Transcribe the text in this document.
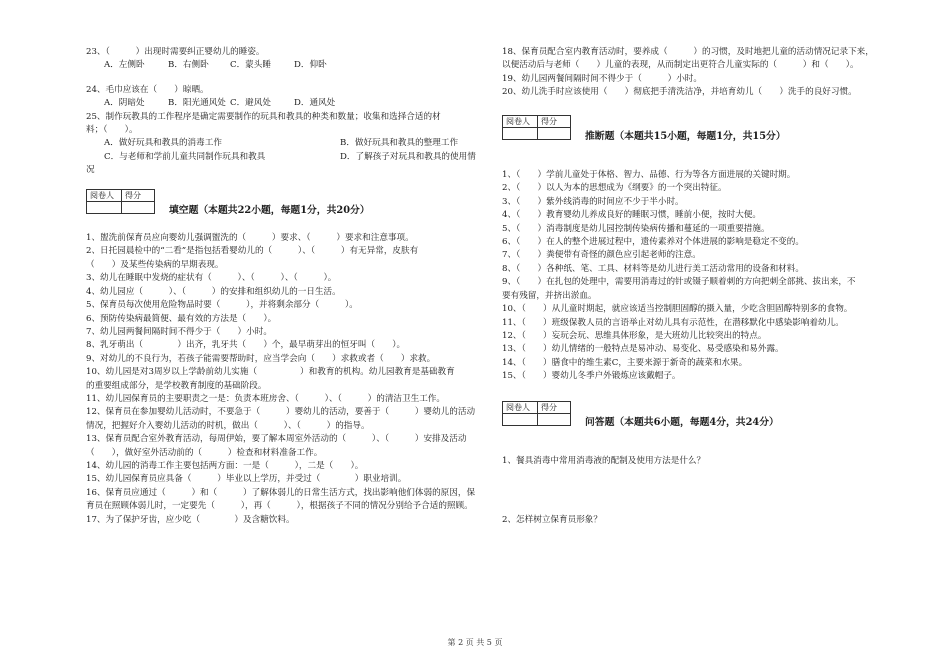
23、（　　　）出现时需要纠正婴幼儿的睡姿。
A．左侧卧	B．右侧卧	C．蒙头睡	D．仰卧
24、毛巾应该在（　　）晾晒。
A．阴暗处	B．阳光通风处 C．避风处	D．通风处
25、制作玩教具的工作程序是确定需要制作的玩具和教具的种类和数量；收集和选择合适的材
料；（　　）。
A．做好玩具和教具的消毒工作	B．做好玩具和教具的整理工作
C．与老师和学前儿童共同制作玩具和教具	D．了解孩子对玩具和教具的使用情
况
阅卷人	得分

填空题（本题共22小题，每题1分，共20分）
1、盥洗前保育员应向婴幼儿强调盥洗的（　　　）要求、（　　　）要求和注意事项。
2、日托园晨检中的“二看”是指包括看婴幼儿的（　　　）、（　　　）有无异常，皮肤有
（　　）及某些传染病的早期表现。
3、幼儿在睡眠中发烧的症状有（　　　）、（　　　）、（　　　）。
4、幼儿园应（　　　）、（　　　）的安排和组织幼儿的一日生活。
5、保育员每次使用危险物品时要（　　　），并将剩余部分（　　　）。
6、预防传染病最简便、最有效的方法是（　　）。
7、幼儿园两餐间隔时间不得少于（　　）小时。
8、乳牙萌出（　　　　）出齐，乳牙共（　　）个，最早萌芽出的恒牙叫（　　）。
9、对幼儿的不良行为，若孩子能需要帮助时，应当学会向（　　）求救或者（　　）求救。
10、幼儿园是对3周岁以上学龄前幼儿实施（　　　　　）和教育的机构。幼儿园教育是基础教育
的重要组成部分，是学校教育制度的基础阶段。
11、幼儿园保育员的主要职责之一是：负责本班房舍、（　　　）、（　　　）的清洁卫生工作。
12、保育员在参加婴幼儿活动时，不要急于（　　　）婴幼儿的活动，要善于（　　　）婴幼儿的活动
情况，把握好介入婴幼儿活动的时机，做出（　　　）、（　　　）的指导。
13、保育员配合室外教育活动，每周伊始，要了解本周室外活动的（　　　）、（　　　）安排及活动
（　　），做好室外活动前的（　　　）检查和材料准备工作。
14、幼儿园的消毒工作主要包括两方面：一是（　　　），二是（　　）。
15、幼儿园保育员应具备（　　　）毕业以上学历，并受过（　　　　）职业培训。
16、保育员应通过（　　　）和（　　　）了解体弱儿的日常生活方式，找出影响他们体弱的原因，保
育员在照顾体弱儿时，一定要先（　　　），再（　　　），根据孩子不同的情况分别给予合适的照顾。
17、为了保护牙齿，应少吃（　　　　）及含糖饮料。
18、保育员配合室内教育活动时，要养成（　　　）的习惯，及时地把儿童的活动情况记录下来，
以便活动后与老师（　　）儿童的表现，从而制定出更符合儿童实际的（　　　）和（　　）。
19、幼儿园两餐间隔时间不得少于（　　　）小时。
20、幼儿洗手时应该使用（　　）彻底把手清洗洁净，并培育幼儿（　　）洗手的良好习惯。
阅卷人	得分

推断题（本题共15小题，每题1分，共15分）
1、（　　）学前儿童处于体格、智力、品德、行为等各方面进展的关键时期。
2、（　　）以人为本的思想成为《纲要》的一个突出特征。
3、（　　）紫外线消毒的时间应不少于半小时。
4、（　　）教育婴幼儿养成良好的睡眠习惯，睡前小便，按时大便。
5、（　　）消毒制度是幼儿园控制传染病传播和蔓延的一项重要措施。
6、（　　）在人的整个进展过程中，遗传素养对个体进展的影响是稳定不变的。
7、（　　）粪便带有奇怪的颜色应引起老师的注意。
8、（　　）各种纸、笔、工具、材料等是幼儿进行美工活动常用的设备和材料。
9、（　　）在扎包的处理中，需要用消毒过的针或镊子顺着刺的方向把刺全部挑、拔出来，不
要有残留，并挤出淤血。
10、（　　）从儿童时期起，就应该适当控制胆固醇的摄入量，少吃含胆固醇特别多的食物。
11、（　　）班级保教人员的言语举止对幼儿具有示范性，在潜移默化中感染影响着幼儿。
12、（　　）妄玩会玩、思维具体形象，是大班幼儿比较突出的特点。
13、（　　）幼儿情绪的一般特点是易冲动、易变化、易受感染和易外露。
14、（　　）膳食中的维生素C，主要来源于新奇的蔬菜和水果。
15、（　　）婴幼儿冬季户外锻炼应该戴帽子。
阅卷人	得分

问答题（本题共6小题，每题4分，共24分）
1、餐具消毒中常用消毒液的配制及使用方法是什么？
2、怎样树立保育员形象？
第 2 页 共 5 页
